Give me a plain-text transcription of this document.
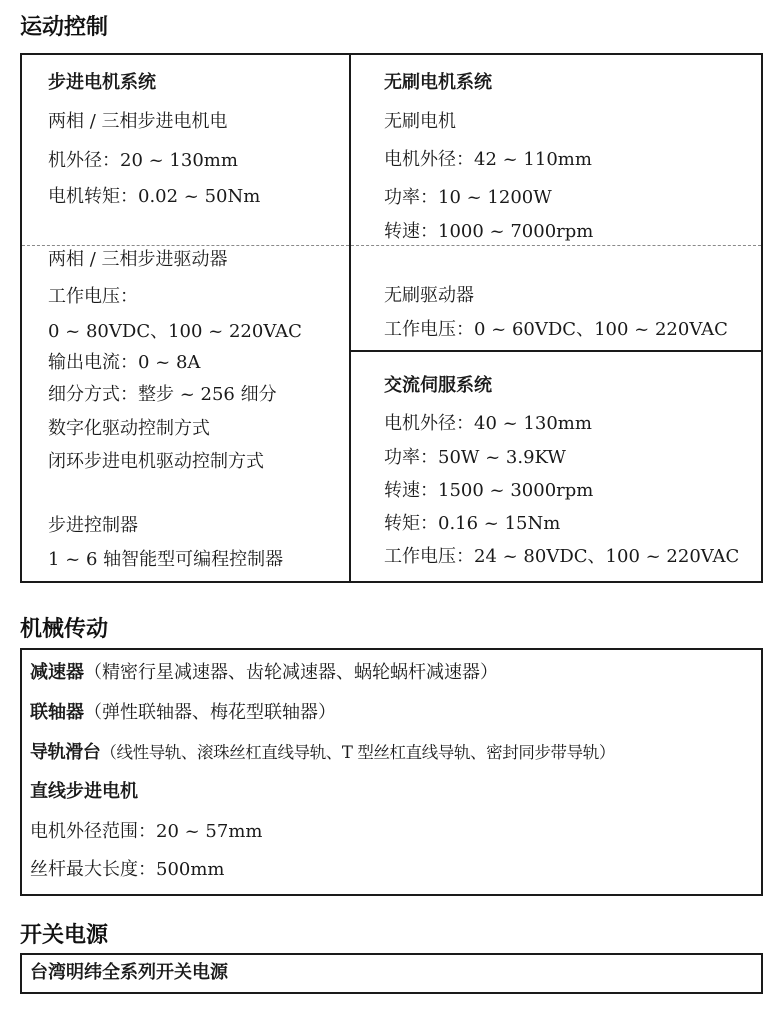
运动控制
步进电机系统
两相 / 三相步进电机电
机外径：20 ~ 130mm
电机转矩：0.02 ~ 50Nm
两相 / 三相步进驱动器
工作电压：
0 ~ 80VDC、100 ~ 220VAC
输出电流：0 ~ 8A
细分方式：整步 ~ 256 细分
数字化驱动控制方式
闭环步进电机驱动控制方式
步进控制器
1 ~ 6 轴智能型可编程控制器
无刷电机系统
无刷电机
电机外径：42 ~ 110mm
功率：10 ~ 1200W
转速：1000 ~ 7000rpm
无刷驱动器
工作电压：0 ~ 60VDC、100 ~ 220VAC
交流伺服系统
电机外径：40 ~ 130mm
功率：50W ~ 3.9KW
转速：1500 ~ 3000rpm
转矩：0.16 ~ 15Nm
工作电压：24 ~ 80VDC、100 ~ 220VAC
机械传动
减速器（精密行星减速器、齿轮减速器、蜗轮蜗杆减速器）
联轴器（弹性联轴器、梅花型联轴器）
导轨滑台（线性导轨、滚珠丝杠直线导轨、T 型丝杠直线导轨、密封同步带导轨）
直线步进电机
电机外径范围：20 ~ 57mm
丝杆最大长度：500mm
开关电源
台湾明纬全系列开关电源
